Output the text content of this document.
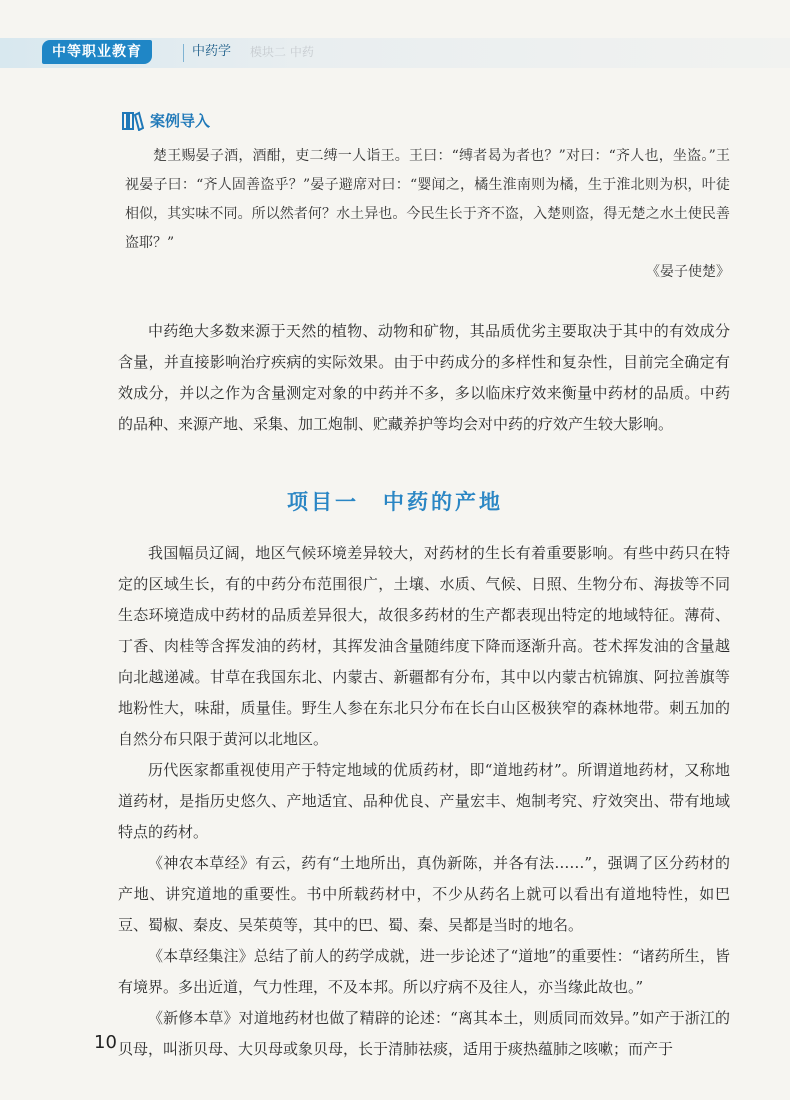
中等职业教育	中药学 模块二 中药
案例导入

楚王赐晏子酒，酒酣，吏二缚一人诣王。王曰：“缚者曷为者也？”对曰：“齐人也，坐盗。”王视晏子曰：“齐人固善盗乎？”晏子避席对曰：“婴闻之，橘生淮南则为橘，生于淮北则为枳，叶徒相似，其实味不同。所以然者何？水土异也。今民生长于齐不盗，入楚则盗，得无楚之水土使民善盗耶？”

《晏子使楚》

中药绝大多数来源于天然的植物、动物和矿物，其品质优劣主要取决于其中的有效成分含量，并直接影响治疗疾病的实际效果。由于中药成分的多样性和复杂性，目前完全确定有效成分，并以之作为含量测定对象的中药并不多，多以临床疗效来衡量中药材的品质。中药的品种、来源产地、采集、加工炮制、贮藏养护等均会对中药的疗效产生较大影响。

项目一　中药的产地

我国幅员辽阔，地区气候环境差异较大，对药材的生长有着重要影响。有些中药只在特定的区域生长，有的中药分布范围很广，土壤、水质、气候、日照、生物分布、海拔等不同生态环境造成中药材的品质差异很大，故很多药材的生产都表现出特定的地域特征。薄荷、丁香、肉桂等含挥发油的药材，其挥发油含量随纬度下降而逐渐升高。苍术挥发油的含量越向北越递减。甘草在我国东北、内蒙古、新疆都有分布，其中以内蒙古杭锦旗、阿拉善旗等地粉性大，味甜，质量佳。野生人参在东北只分布在长白山区极狭窄的森林地带。刺五加的自然分布只限于黄河以北地区。

历代医家都重视使用产于特定地域的优质药材，即“道地药材”。所谓道地药材，又称地道药材，是指历史悠久、产地适宜、品种优良、产量宏丰、炮制考究、疗效突出、带有地域特点的药材。

《神农本草经》有云，药有“土地所出，真伪新陈，并各有法……”，强调了区分药材的产地、讲究道地的重要性。书中所载药材中，不少从药名上就可以看出有道地特性，如巴豆、蜀椒、秦皮、吴茱萸等，其中的巴、蜀、秦、吴都是当时的地名。

《本草经集注》总结了前人的药学成就，进一步论述了“道地”的重要性：“诸药所生，皆有境界。多出近道，气力性理，不及本邦。所以疗病不及往人，亦当缘此故也。”

《新修本草》对道地药材也做了精辟的论述：“离其本土，则质同而效异。”如产于浙江的贝母，叫浙贝母、大贝母或象贝母，长于清肺祛痰，适用于痰热蕴肺之咳嗽；而产于

10
